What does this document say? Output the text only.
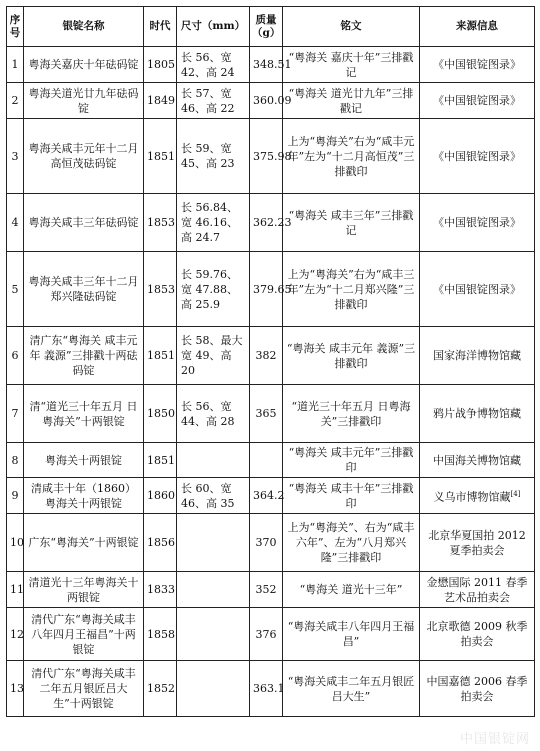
序号	银锭名称	时代	尺寸（mm）	质量（g）	铭文	来源信息
1	粤海关嘉庆十年砝码锭	1805	长 56、宽 42、高 24	348.51	“粤海关 嘉庆十年”三排戳记	《中国银锭图录》
2	粤海关道光廿九年砝码锭	1849	长 57、宽 46、高 22	360.09	“粤海关 道光廿九年”三排戳记	《中国银锭图录》
3	粤海关咸丰元年十二月高恒茂砝码锭	1851	长 59、宽 45、高 23	375.98	上为“粤海关”右为“咸丰元年”左为“十二月高恒茂”三排戳印	《中国银锭图录》
4	粤海关咸丰三年砝码锭	1853	长 56.84、宽 46.16、高 24.7	362.23	“粤海关 咸丰三年”三排戳记	《中国银锭图录》
5	粤海关咸丰三年十二月郑兴隆砝码锭	1853	长 59.76、宽 47.88、高 25.9	379.65	上为“粤海关”右为“咸丰三年”左为“十二月郑兴隆”三排戳印	《中国银锭图录》
6	清广东“粤海关 咸丰元年 義源”三排戳十两砝码锭	1851	长 58、最大宽 49、高 20	382	“粤海关 咸丰元年 義源”三排戳印	国家海洋博物馆藏
7	清“道光三十年五月 日粤海关”十两银锭	1850	长 56、宽 44、高 28	365	“道光三十年五月 日粤海关”三排戳印	鸦片战争博物馆藏
8	粤海关十两银锭	1851			“粤海关 咸丰元年”三排戳印	中国海关博物馆藏
9	清咸丰十年（1860）粤海关十两银锭	1860	长 60、宽 46、高 35	364.2	“粤海关 咸丰十年”三排戳印	义乌市博物馆藏[4]
10	广东“粤海关”十两银锭	1856		370	上为“粤海关”、右为“咸丰六年”、左为“八月郑兴隆”三排戳印	北京华夏国拍 2012 夏季拍卖会
11	清道光十三年粤海关十两银锭	1833		352	“粤海关 道光十三年”	金懋国际 2011 春季艺术品拍卖会
12	清代广东“粤海关咸丰八年四月王福昌”十两银锭	1858		376	“粤海关咸丰八年四月王福昌”	北京歌德 2009 秋季拍卖会
13	清代广东“粤海关咸丰二年五月银匠吕大生”十两银锭	1852		363.1	“粤海关咸丰二年五月银匠吕大生”	中国嘉德 2006 春季拍卖会
中国银锭网
